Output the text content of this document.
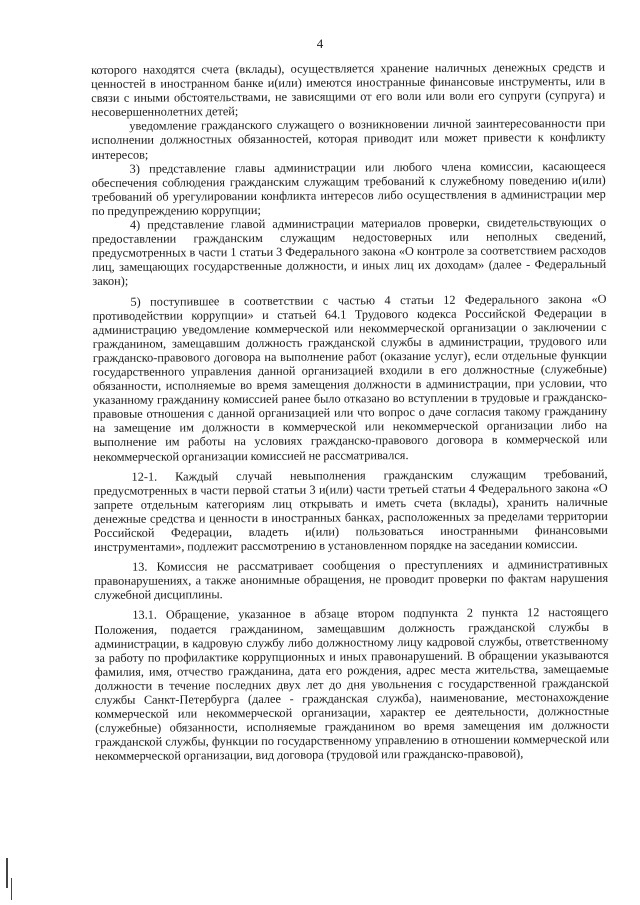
4

которого находятся счета (вклады), осуществляется хранение наличных денежных средств и ценностей в иностранном банке и(или) имеются иностранные финансовые инструменты, или в связи с иными обстоятельствами, не зависящими от его воли или воли его супруги (супруга) и несовершеннолетних детей;

уведомление гражданского служащего о возникновении личной заинтересованности при исполнении должностных обязанностей, которая приводит или может привести к конфликту интересов;

3) представление главы администрации или любого члена комиссии, касающееся обеспечения соблюдения гражданским служащим требований к служебному поведению и(или) требований об урегулировании конфликта интересов либо осуществления в администрации мер по предупреждению коррупции;

4) представление главой администрации материалов проверки, свидетельствующих о предоставлении гражданским служащим недостоверных или неполных сведений, предусмотренных в части 1 статьи 3 Федерального закона «О контроле за соответствием расходов лиц, замещающих государственные должности, и иных лиц их доходам» (далее - Федеральный закон);

5) поступившее в соответствии с частью 4 статьи 12 Федерального закона «О противодействии коррупции» и статьей 64.1 Трудового кодекса Российской Федерации в администрацию уведомление коммерческой или некоммерческой организации о заключении с гражданином, замещавшим должность гражданской службы в администрации, трудового или гражданско-правового договора на выполнение работ (оказание услуг), если отдельные функции государственного управления данной организацией входили в его должностные (служебные) обязанности, исполняемые во время замещения должности в администрации, при условии, что указанному гражданину комиссией ранее было отказано во вступлении в трудовые и гражданско-правовые отношения с данной организацией или что вопрос о даче согласия такому гражданину на замещение им должности в коммерческой или некоммерческой организации либо на выполнение им работы на условиях гражданско-правового договора в коммерческой или некоммерческой организации комиссией не рассматривался.

12-1. Каждый случай невыполнения гражданским служащим требований, предусмотренных в части первой статьи 3 и(или) части третьей статьи 4 Федерального закона «О запрете отдельным категориям лиц открывать и иметь счета (вклады), хранить наличные денежные средства и ценности в иностранных банках, расположенных за пределами территории Российской Федерации, владеть и(или) пользоваться иностранными финансовыми инструментами», подлежит рассмотрению в установленном порядке на заседании комиссии.

13. Комиссия не рассматривает сообщения о преступлениях и административных правонарушениях, а также анонимные обращения, не проводит проверки по фактам нарушения служебной дисциплины.

13.1. Обращение, указанное в абзаце втором подпункта 2 пункта 12 настоящего Положения, подается гражданином, замещавшим должность гражданской службы в администрации, в кадровую службу либо должностному лицу кадровой службы, ответственному за работу по профилактике коррупционных и иных правонарушений. В обращении указываются фамилия, имя, отчество гражданина, дата его рождения, адрес места жительства, замещаемые должности в течение последних двух лет до дня увольнения с государственной гражданской службы Санкт-Петербурга (далее - гражданская служба), наименование, местонахождение коммерческой или некоммерческой организации, характер ее деятельности, должностные (служебные) обязанности, исполняемые гражданином во время замещения им должности гражданской службы, функции по государственному управлению в отношении коммерческой или некоммерческой организации, вид договора (трудовой или гражданско-правовой),
